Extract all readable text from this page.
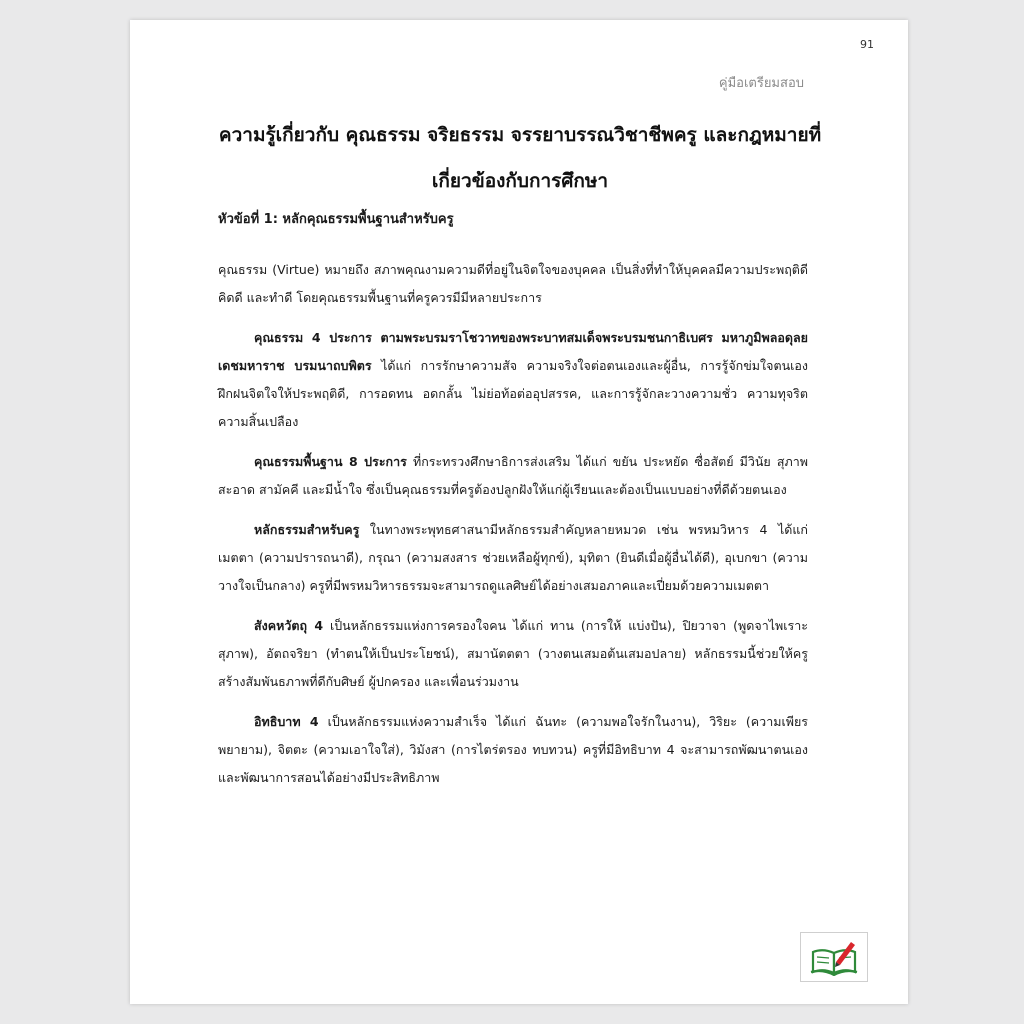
91
คู่มือเตรียมสอบ
ความรู้เกี่ยวกับ คุณธรรม จริยธรรม จรรยาบรรณวิชาชีพครู และกฎหมายที่
เกี่ยวข้องกับการศึกษา
หัวข้อที่ 1: หลักคุณธรรมพื้นฐานสำหรับครู

คุณธรรม (Virtue) หมายถึง สภาพคุณงามความดีที่อยู่ในจิตใจของบุคคล เป็นสิ่งที่ทำให้บุคคลมีความประพฤติดี คิดดี และทำดี โดยคุณธรรมพื้นฐานที่ครูควรมีมีหลายประการ

คุณธรรม 4 ประการ ตามพระบรมราโชวาทของพระบาทสมเด็จพระบรมชนกาธิเบศร มหาภูมิพลอดุลยเดชมหาราช บรมนาถบพิตร ได้แก่ การรักษาความสัจ ความจริงใจต่อตนเองและผู้อื่น, การรู้จักข่มใจตนเอง ฝึกฝนจิตใจให้ประพฤติดี, การอดทน อดกลั้น ไม่ย่อท้อต่ออุปสรรค, และการรู้จักละวางความชั่ว ความทุจริต ความสิ้นเปลือง

คุณธรรมพื้นฐาน 8 ประการ ที่กระทรวงศึกษาธิการส่งเสริม ได้แก่ ขยัน ประหยัด ซื่อสัตย์ มีวินัย สุภาพ สะอาด สามัคคี และมีน้ำใจ ซึ่งเป็นคุณธรรมที่ครูต้องปลูกฝังให้แก่ผู้เรียนและต้องเป็นแบบอย่างที่ดีด้วยตนเอง

หลักธรรมสำหรับครู ในทางพระพุทธศาสนามีหลักธรรมสำคัญหลายหมวด เช่น พรหมวิหาร 4 ได้แก่ เมตตา (ความปรารถนาดี), กรุณา (ความสงสาร ช่วยเหลือผู้ทุกข์), มุทิตา (ยินดีเมื่อผู้อื่นได้ดี), อุเบกขา (ความวางใจเป็นกลาง) ครูที่มีพรหมวิหารธรรมจะสามารถดูแลศิษย์ได้อย่างเสมอภาคและเปี่ยมด้วยความเมตตา

สังคหวัตถุ 4 เป็นหลักธรรมแห่งการครองใจคน ได้แก่ ทาน (การให้ แบ่งปัน), ปิยวาจา (พูดจาไพเราะ สุภาพ), อัตถจริยา (ทำตนให้เป็นประโยชน์), สมานัตตตา (วางตนเสมอต้นเสมอปลาย) หลักธรรมนี้ช่วยให้ครูสร้างสัมพันธภาพที่ดีกับศิษย์ ผู้ปกครอง และเพื่อนร่วมงาน

อิทธิบาท 4 เป็นหลักธรรมแห่งความสำเร็จ ได้แก่ ฉันทะ (ความพอใจรักในงาน), วิริยะ (ความเพียรพยายาม), จิตตะ (ความเอาใจใส่), วิมังสา (การไตร่ตรอง ทบทวน) ครูที่มีอิทธิบาท 4 จะสามารถพัฒนาตนเองและพัฒนาการสอนได้อย่างมีประสิทธิภาพ
